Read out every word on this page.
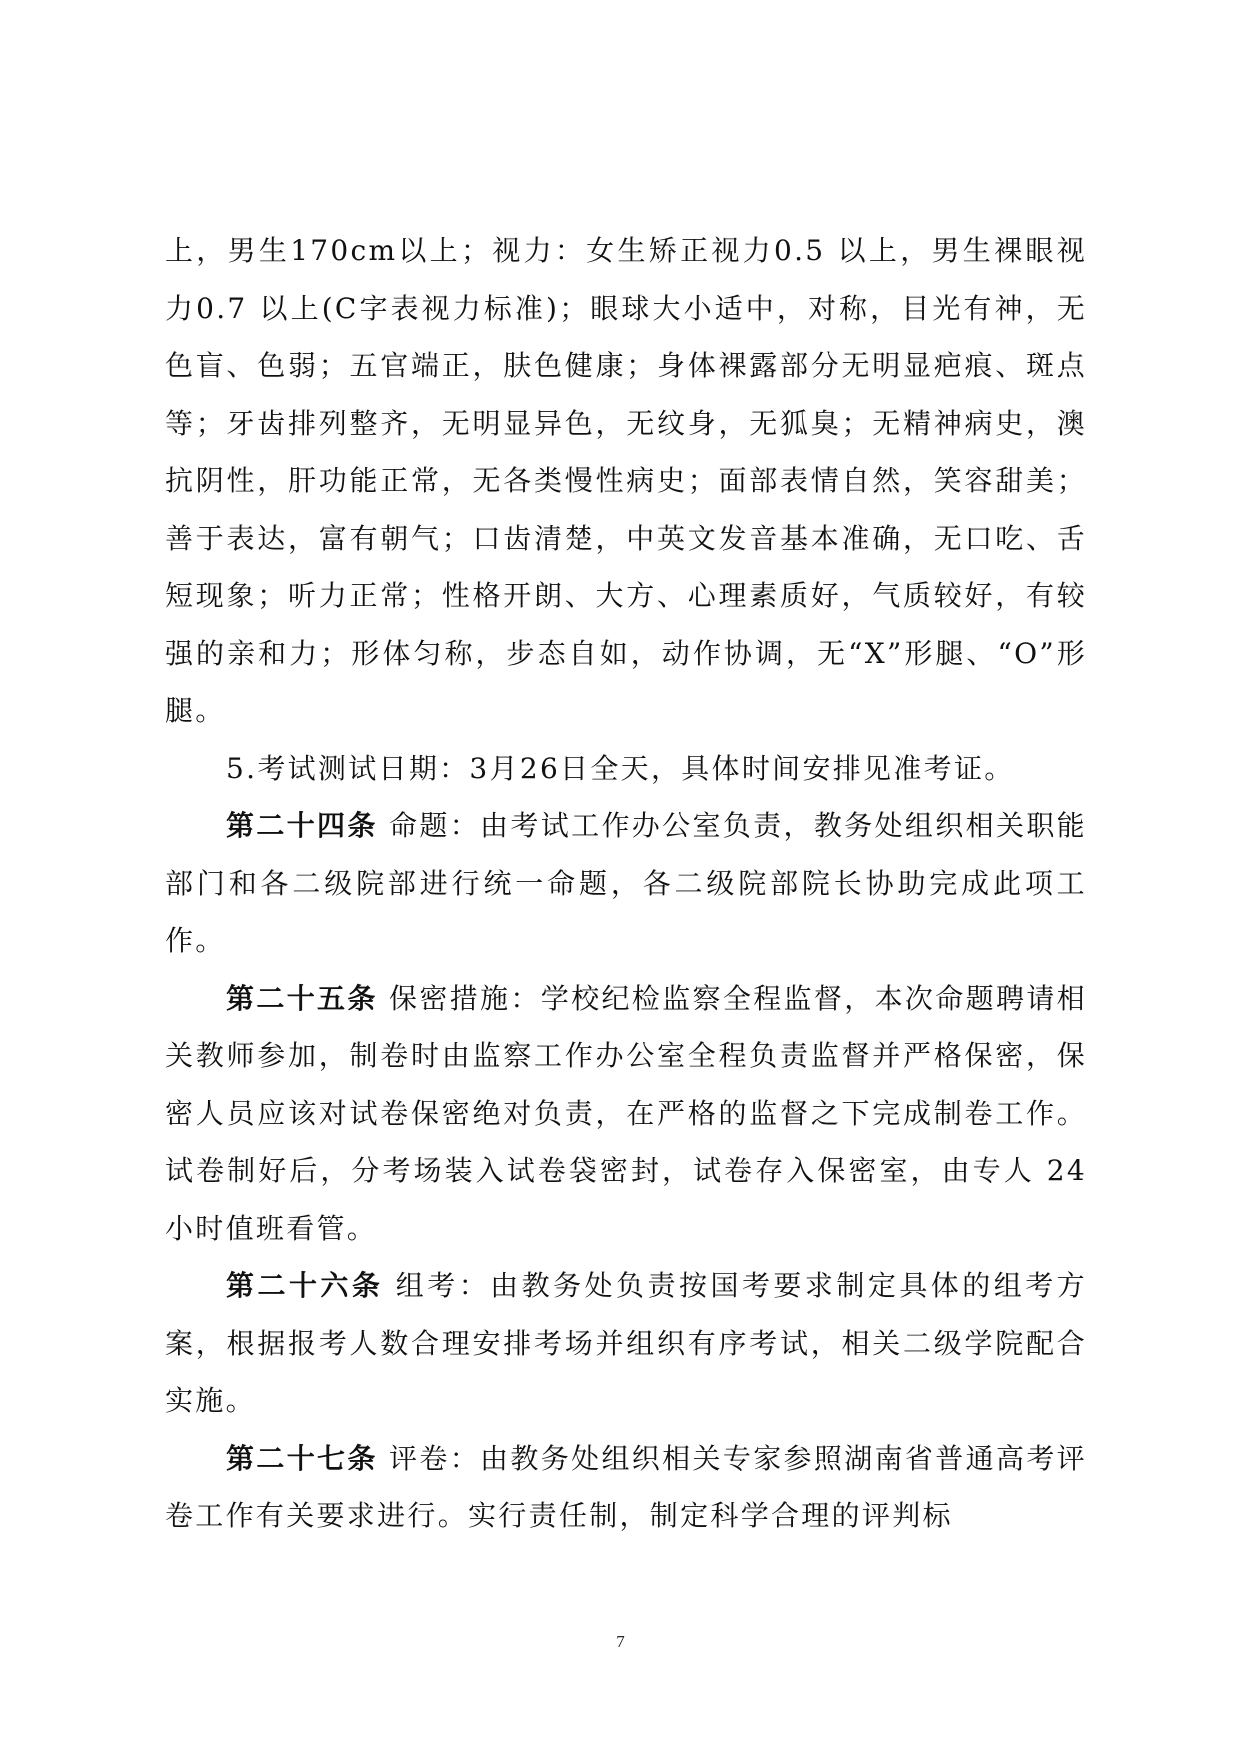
上，男生170cm以上；视力：女生矫正视力0.5 以上，男生裸眼视力0.7 以上(C字表视力标准)；眼球大小适中，对称，目光有神，无色盲、色弱；五官端正，肤色健康；身体裸露部分无明显疤痕、斑点等；牙齿排列整齐，无明显异色，无纹身，无狐臭；无精神病史，澳抗阴性，肝功能正常，无各类慢性病史；面部表情自然，笑容甜美；善于表达，富有朝气；口齿清楚，中英文发音基本准确，无口吃、舌短现象；听力正常；性格开朗、大方、心理素质好，气质较好，有较强的亲和力；形体匀称，步态自如，动作协调，无“X”形腿、“O”形腿。

5.考试测试日期：3月26日全天，具体时间安排见准考证。

第二十四条 命题：由考试工作办公室负责，教务处组织相关职能部门和各二级院部进行统一命题，各二级院部院长协助完成此项工作。

第二十五条 保密措施：学校纪检监察全程监督，本次命题聘请相关教师参加，制卷时由监察工作办公室全程负责监督并严格保密，保密人员应该对试卷保密绝对负责，在严格的监督之下完成制卷工作。试卷制好后，分考场装入试卷袋密封，试卷存入保密室，由专人 24 小时值班看管。

第二十六条 组考：由教务处负责按国考要求制定具体的组考方案，根据报考人数合理安排考场并组织有序考试，相关二级学院配合实施。

第二十七条 评卷：由教务处组织相关专家参照湖南省普通高考评卷工作有关要求进行。实行责任制，制定科学合理的评判标

7
